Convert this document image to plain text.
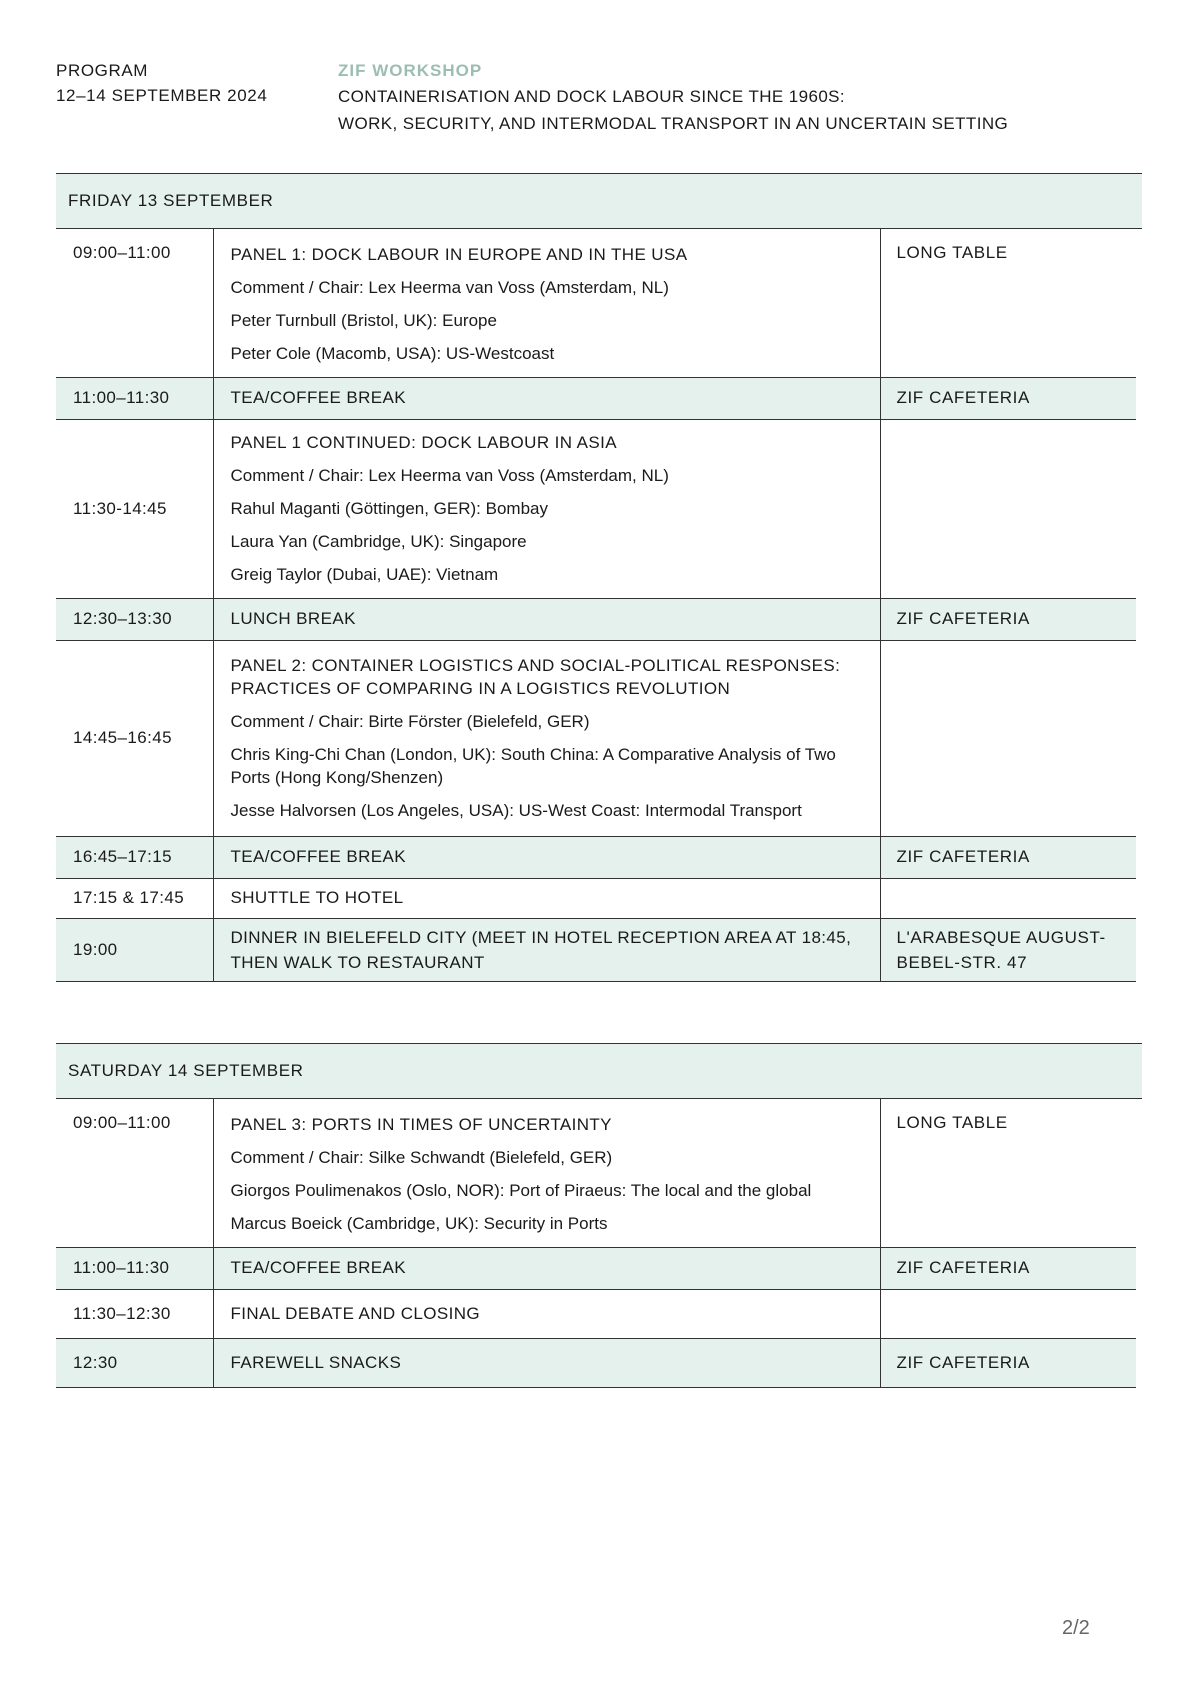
PROGRAM
12–14 SEPTEMBER 2024
ZIF WORKSHOP
CONTAINERISATION AND DOCK LABOUR SINCE THE 1960S:
WORK, SECURITY, AND INTERMODAL TRANSPORT IN AN UNCERTAIN SETTING
FRIDAY 13 SEPTEMBER
09:00–11:00	PANEL 1: DOCK LABOUR IN EUROPE AND IN THE USA
Comment / Chair: Lex Heerma van Voss (Amsterdam, NL)
Peter Turnbull (Bristol, UK): Europe
Peter Cole (Macomb, USA): US-Westcoast	LONG TABLE
11:00–11:30	TEA/COFFEE BREAK	ZIF CAFETERIA
11:30-14:45	PANEL 1 CONTINUED: DOCK LABOUR IN ASIA
Comment / Chair: Lex Heerma van Voss (Amsterdam, NL)
Rahul Maganti (Göttingen, GER): Bombay
Laura Yan (Cambridge, UK): Singapore
Greig Taylor (Dubai, UAE): Vietnam	

12:30–13:30	LUNCH BREAK	ZIF CAFETERIA
14:45–16:45	PANEL 2: CONTAINER LOGISTICS AND SOCIAL-POLITICAL RESPONSES: PRACTICES OF COMPARING IN A LOGISTICS REVOLUTION
Comment / Chair: Birte Förster (Bielefeld, GER)
Chris King-Chi Chan (London, UK): South China: A Comparative Analysis of Two Ports (Hong Kong/Shenzen)
Jesse Halvorsen (Los Angeles, USA): US-West Coast: Intermodal Transport	

16:45–17:15	TEA/COFFEE BREAK	ZIF CAFETERIA
17:15 & 17:45	SHUTTLE TO HOTEL	
19:00	DINNER IN BIELEFELD CITY (MEET IN HOTEL RECEPTION AREA AT 18:45, THEN WALK TO RESTAURANT	L'ARABESQUE AUGUST-BEBEL-STR. 47
SATURDAY 14 SEPTEMBER
09:00–11:00	PANEL 3: PORTS IN TIMES OF UNCERTAINTY
Comment / Chair: Silke Schwandt (Bielefeld, GER)
Giorgos Poulimenakos (Oslo, NOR): Port of Piraeus: The local and the global
Marcus Boeick (Cambridge, UK): Security in Ports	LONG TABLE
11:00–11:30	TEA/COFFEE BREAK	ZIF CAFETERIA
11:30–12:30	FINAL DEBATE AND CLOSING	
12:30	FAREWELL SNACKS	ZIF CAFETERIA
2/2
